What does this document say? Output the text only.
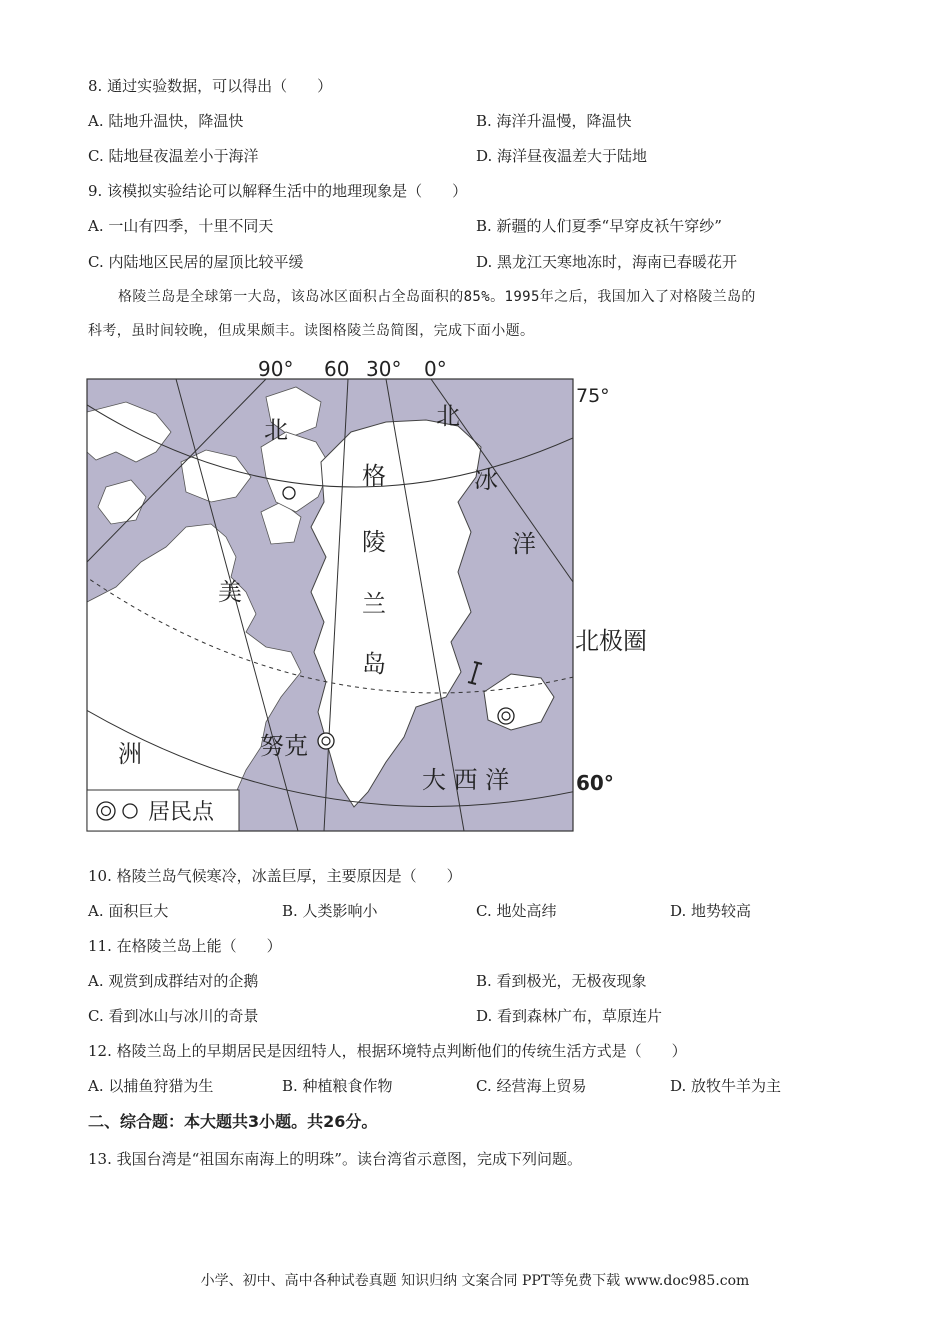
8. 通过实验数据，可以得出（　　）
A. 陆地升温快，降温快	B. 海洋升温慢，降温快
C. 陆地昼夜温差小于海洋	D. 海洋昼夜温差大于陆地
9. 该模拟实验结论可以解释生活中的地理现象是（　　）
A. 一山有四季，十里不同天	B. 新疆的人们夏季“早穿皮袄午穿纱”
C. 内陆地区民居的屋顶比较平缓	D. 黑龙江天寒地冻时，海南已春暖花开
格陵兰岛是全球第一大岛，该岛冰区面积占全岛面积的85%。1995年之后，我国加入了对格陵兰岛的
科考，虽时间较晚，但成果颇丰。读图格陵兰岛简图，完成下面小题。
90° 60 30° 0°
75°
60°
北极圈
北
美
洲
格
陵
兰
岛
北
冰
洋
大 西 洋
努克
居民点
10. 格陵兰岛气候寒冷，冰盖巨厚，主要原因是（　　）
A. 面积巨大	B. 人类影响小	C. 地处高纬	D. 地势较高
11. 在格陵兰岛上能（　　）
A. 观赏到成群结对的企鹅	B. 看到极光，无极夜现象
C. 看到冰山与冰川的奇景	D. 看到森林广布，草原连片
12. 格陵兰岛上的早期居民是因纽特人，根据环境特点判断他们的传统生活方式是（　　）
A. 以捕鱼狩猎为生	B. 种植粮食作物	C. 经营海上贸易	D. 放牧牛羊为主
二、综合题：本大题共3小题。共26分。
13. 我国台湾是“祖国东南海上的明珠”。读台湾省示意图，完成下列问题。
小学、初中、高中各种试卷真题 知识归纳 文案合同 PPT等免费下载 www.doc985.com
